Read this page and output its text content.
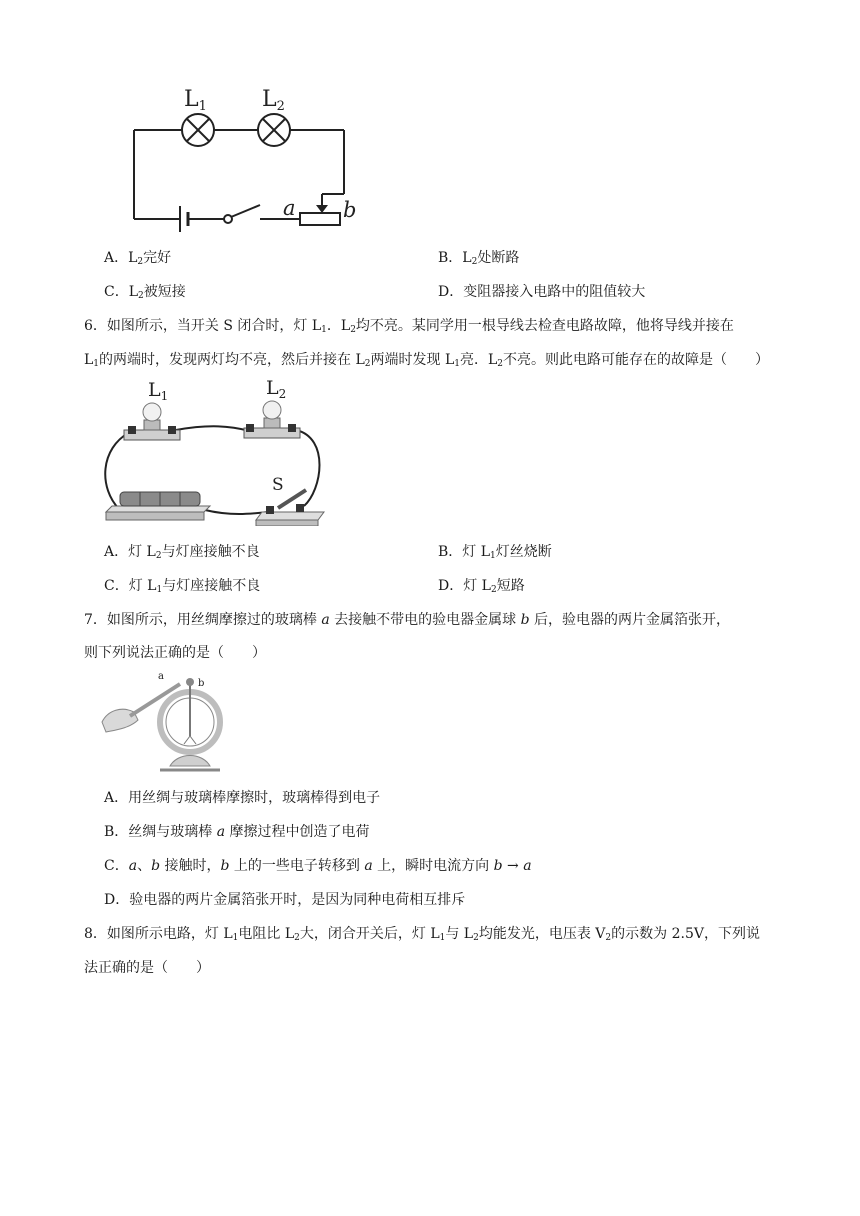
L1	L2
a b
A．$L_2$完好	B．$L_2$处断路
C．$L_2$被短接	D．变阻器接入电路中的阻值较大
6．如图所示，当开关 S 闭合时，灯 $L_1$．$L_2$均不亮。某同学用一根导线去检查电路故障，他将导线并接在
$L_1$的两端时，发现两灯均不亮，然后并接在 $L_2$两端时发现 $L_1$亮．$L_2$不亮。则此电路可能存在的故障是（　　）
$L_1$	$L_2$
S
A．灯 $L_2$与灯座接触不良	B．灯 $L_1$灯丝烧断
C．灯 $L_1$与灯座接触不良	D．灯 $L_2$短路
7．如图所示，用丝绸摩擦过的玻璃棒 a 去接触不带电的验电器金属球 b 后，验电器的两片金属箔张开，
则下列说法正确的是（　　）
a
b
A．用丝绸与玻璃棒摩擦时，玻璃棒得到电子
B．丝绸与玻璃棒 a 摩擦过程中创造了电荷
C．a、b 接触时，b 上的一些电子转移到 a 上，瞬时电流方向 b → a
D．验电器的两片金属箔张开时，是因为同种电荷相互排斥
8．如图所示电路，灯 $L_1$电阻比 $L_2$大，闭合开关后，灯 $L_1$与 $L_2$均能发光，电压表 $V_2$的示数为 2.5V，下列说
法正确的是（　　）
